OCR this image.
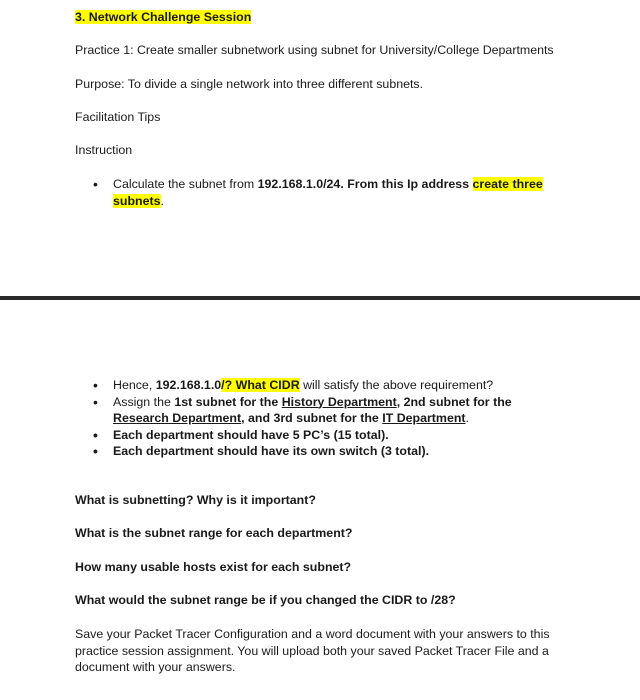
3. Network Challenge Session

Practice 1: Create smaller subnetwork using subnet for University/College Departments

Purpose: To divide a single network into three different subnets.

Facilitation Tips

Instruction

• Calculate the subnet from 192.168.1.0/24. From this Ip address create three
subnets.
• Hence, 192.168.1.0/? What CIDR will satisfy the above requirement?
• Assign the 1st subnet for the History Department, 2nd subnet for the
Research Department, and 3rd subnet for the IT Department.
• Each department should have 5 PC’s (15 total).
• Each department should have its own switch (3 total).

What is subnetting? Why is it important?

What is the subnet range for each department?

How many usable hosts exist for each subnet?

What would the subnet range be if you changed the CIDR to /28?

Save your Packet Tracer Configuration and a word document with your answers to this
practice session assignment. You will upload both your saved Packet Tracer File and a
document with your answers.
